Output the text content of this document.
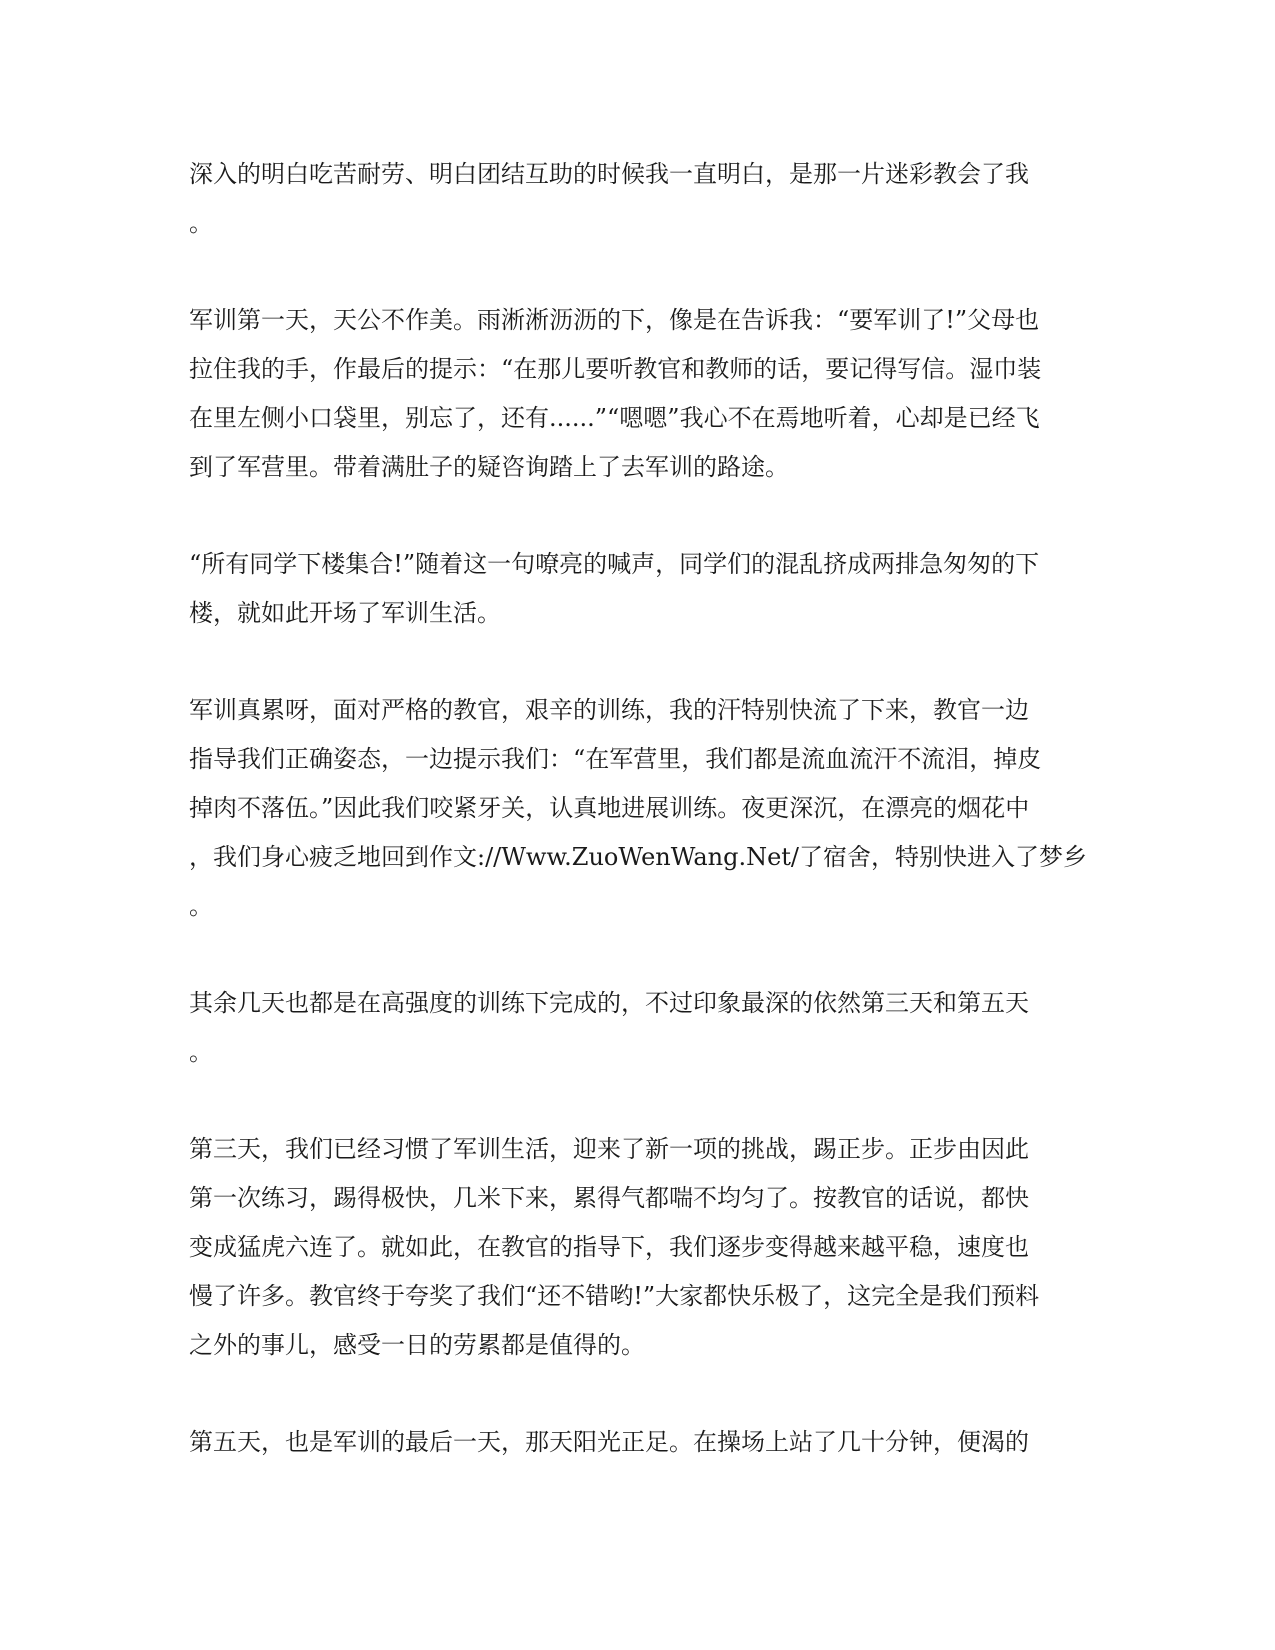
深入的明白吃苦耐劳、明白团结互助的时候我一直明白，是那一片迷彩教会了我
。
军训第一天，天公不作美。雨淅淅沥沥的下，像是在告诉我：“要军训了!”父母也
拉住我的手，作最后的提示：“在那儿要听教官和教师的话，要记得写信。湿巾装
在里左侧小口袋里，别忘了，还有......”“嗯嗯”我心不在焉地听着，心却是已经飞
到了军营里。带着满肚子的疑咨询踏上了去军训的路途。
“所有同学下楼集合!”随着这一句嘹亮的喊声，同学们的混乱挤成两排急匆匆的下
楼，就如此开场了军训生活。
军训真累呀，面对严格的教官，艰辛的训练，我的汗特别快流了下来，教官一边
指导我们正确姿态，一边提示我们：“在军营里，我们都是流血流汗不流泪，掉皮
掉肉不落伍。”因此我们咬紧牙关，认真地进展训练。夜更深沉，在漂亮的烟花中
，我们身心疲乏地回到作文://Www.ZuoWenWang.Net/了宿舍，特别快进入了梦乡
。
其余几天也都是在高强度的训练下完成的，不过印象最深的依然第三天和第五天
。
第三天，我们已经习惯了军训生活，迎来了新一项的挑战，踢正步。正步由因此
第一次练习，踢得极快，几米下来，累得气都喘不均匀了。按教官的话说，都快
变成猛虎六连了。就如此，在教官的指导下，我们逐步变得越来越平稳，速度也
慢了许多。教官终于夸奖了我们“还不错哟!”大家都快乐极了，这完全是我们预料
之外的事儿，感受一日的劳累都是值得的。
第五天，也是军训的最后一天，那天阳光正足。在操场上站了几十分钟，便渴的
